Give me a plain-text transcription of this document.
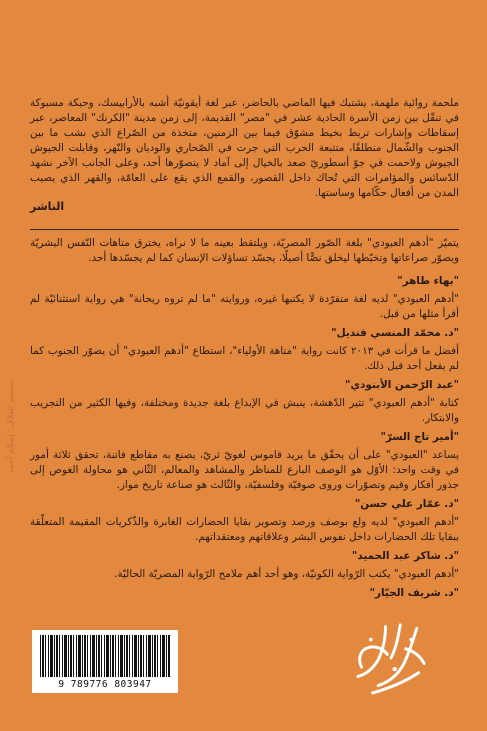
ملحمة روائية ملهمة، يشتبك فيها الماضي بالحاضر، عبر لغة أيقونيّة أشبه بالأرابيسك، وحبكة مسبوكة في تنقّل بين زمن الأسرة الحادية عشر في "مصر" القديمة، إلى زمن مدينة "الكرنك" المعاصر، عبر إسقاطات وإشارات تربط بخيط مشوّق فيما بين الزمنين، متخذة من الصّراع الذي نشب ما بين الجنوب والشّمال منطلقًا، متتبعة الحرب التي جرت في الصّحاري والوديان والنّهر، وقابلت الجيوش الجيوش ولاحمت في جوّ أسطوريّ صعد بالخيال إلى آماد لا يتصوّرها أحد، وعلى الجانب الآخر نشهد الدّسائس والمؤامرات التي تُحاك داخل القصور، والقمع الذي يقع على العامّة، والقهر الذي يصيب المدن من أفعال حكّامها وساستها.

الناشر

يتميّز "أدهم العبودي" بلغة الصّور المصريّة، ويلتقط بعينه ما لا نراه، يخترق متاهات النّفس البشريّة ويصوّر صراعاتها وتخبّطها ليخلق نصًّا أصيلًا، يجسّد تساؤلات الإنسان كما لم يجسّدها أحد.

"بهاء طاهر"

"أدهم العبودي" لديه لغة متفرّدة لا يكتبها غيره، وروايته "ما لم تروه ريحانة" هي رواية استثنائيّة لم أقرأ مثلها من قبل.

"د. محمّد المنسي قنديل"

أفضل ما قرأت في ٢٠١٣ كانت رواية "متاهة الأولياء"، استطاع "أدهم العبودي" أن يصوّر الجنوب كما لم يفعل أحد قبل ذلك.

"عبد الرّحمن الأبنودي"

كتابة "أدهم العبودي" تثير الدّهشة، ينبش في الإبداع بلغة جديدة ومختلفة، وفيها الكثير من التجريب والابتكار.

"أمير تاج السرّ"

يساعد "العبودي" على أن يحقّق ما يريد قاموس لغويّ ثريّ، يصنع به مقاطع فاتنة، تحقق ثلاثة أمور في وقت واحد: الأوّل هو الوصف البارع للمناظر والمشاهد والمعالم، الثّاني هو محاولة الغوص إلى جذور أفكار وقيم وتصوّرات وروى صوفيّة وفلسفيّة، والثّالث هو صناعة تاريخ مواز.

"د. عمّار علي حسن"

"أدهم العبودي" لديه ولع بوصف ورصد وتصوير بقايا الحضارات الغابرة والذّكريات المقيمة المتعلّقة ببقايا تلك الحضارات داخل نفوس البشر وعلاقاتهم ومعتقداتهم.

"د. شاكر عبد الحميد"

"أدهم العبودي" يكتب الرّواية الكونيّة، وهو أحد أهم ملامح الرّواية المصريّة الحاليّة.

"د. شريف الجيّار"
تصميم الغلاف: إسلام أحمد
9 789776 803947
